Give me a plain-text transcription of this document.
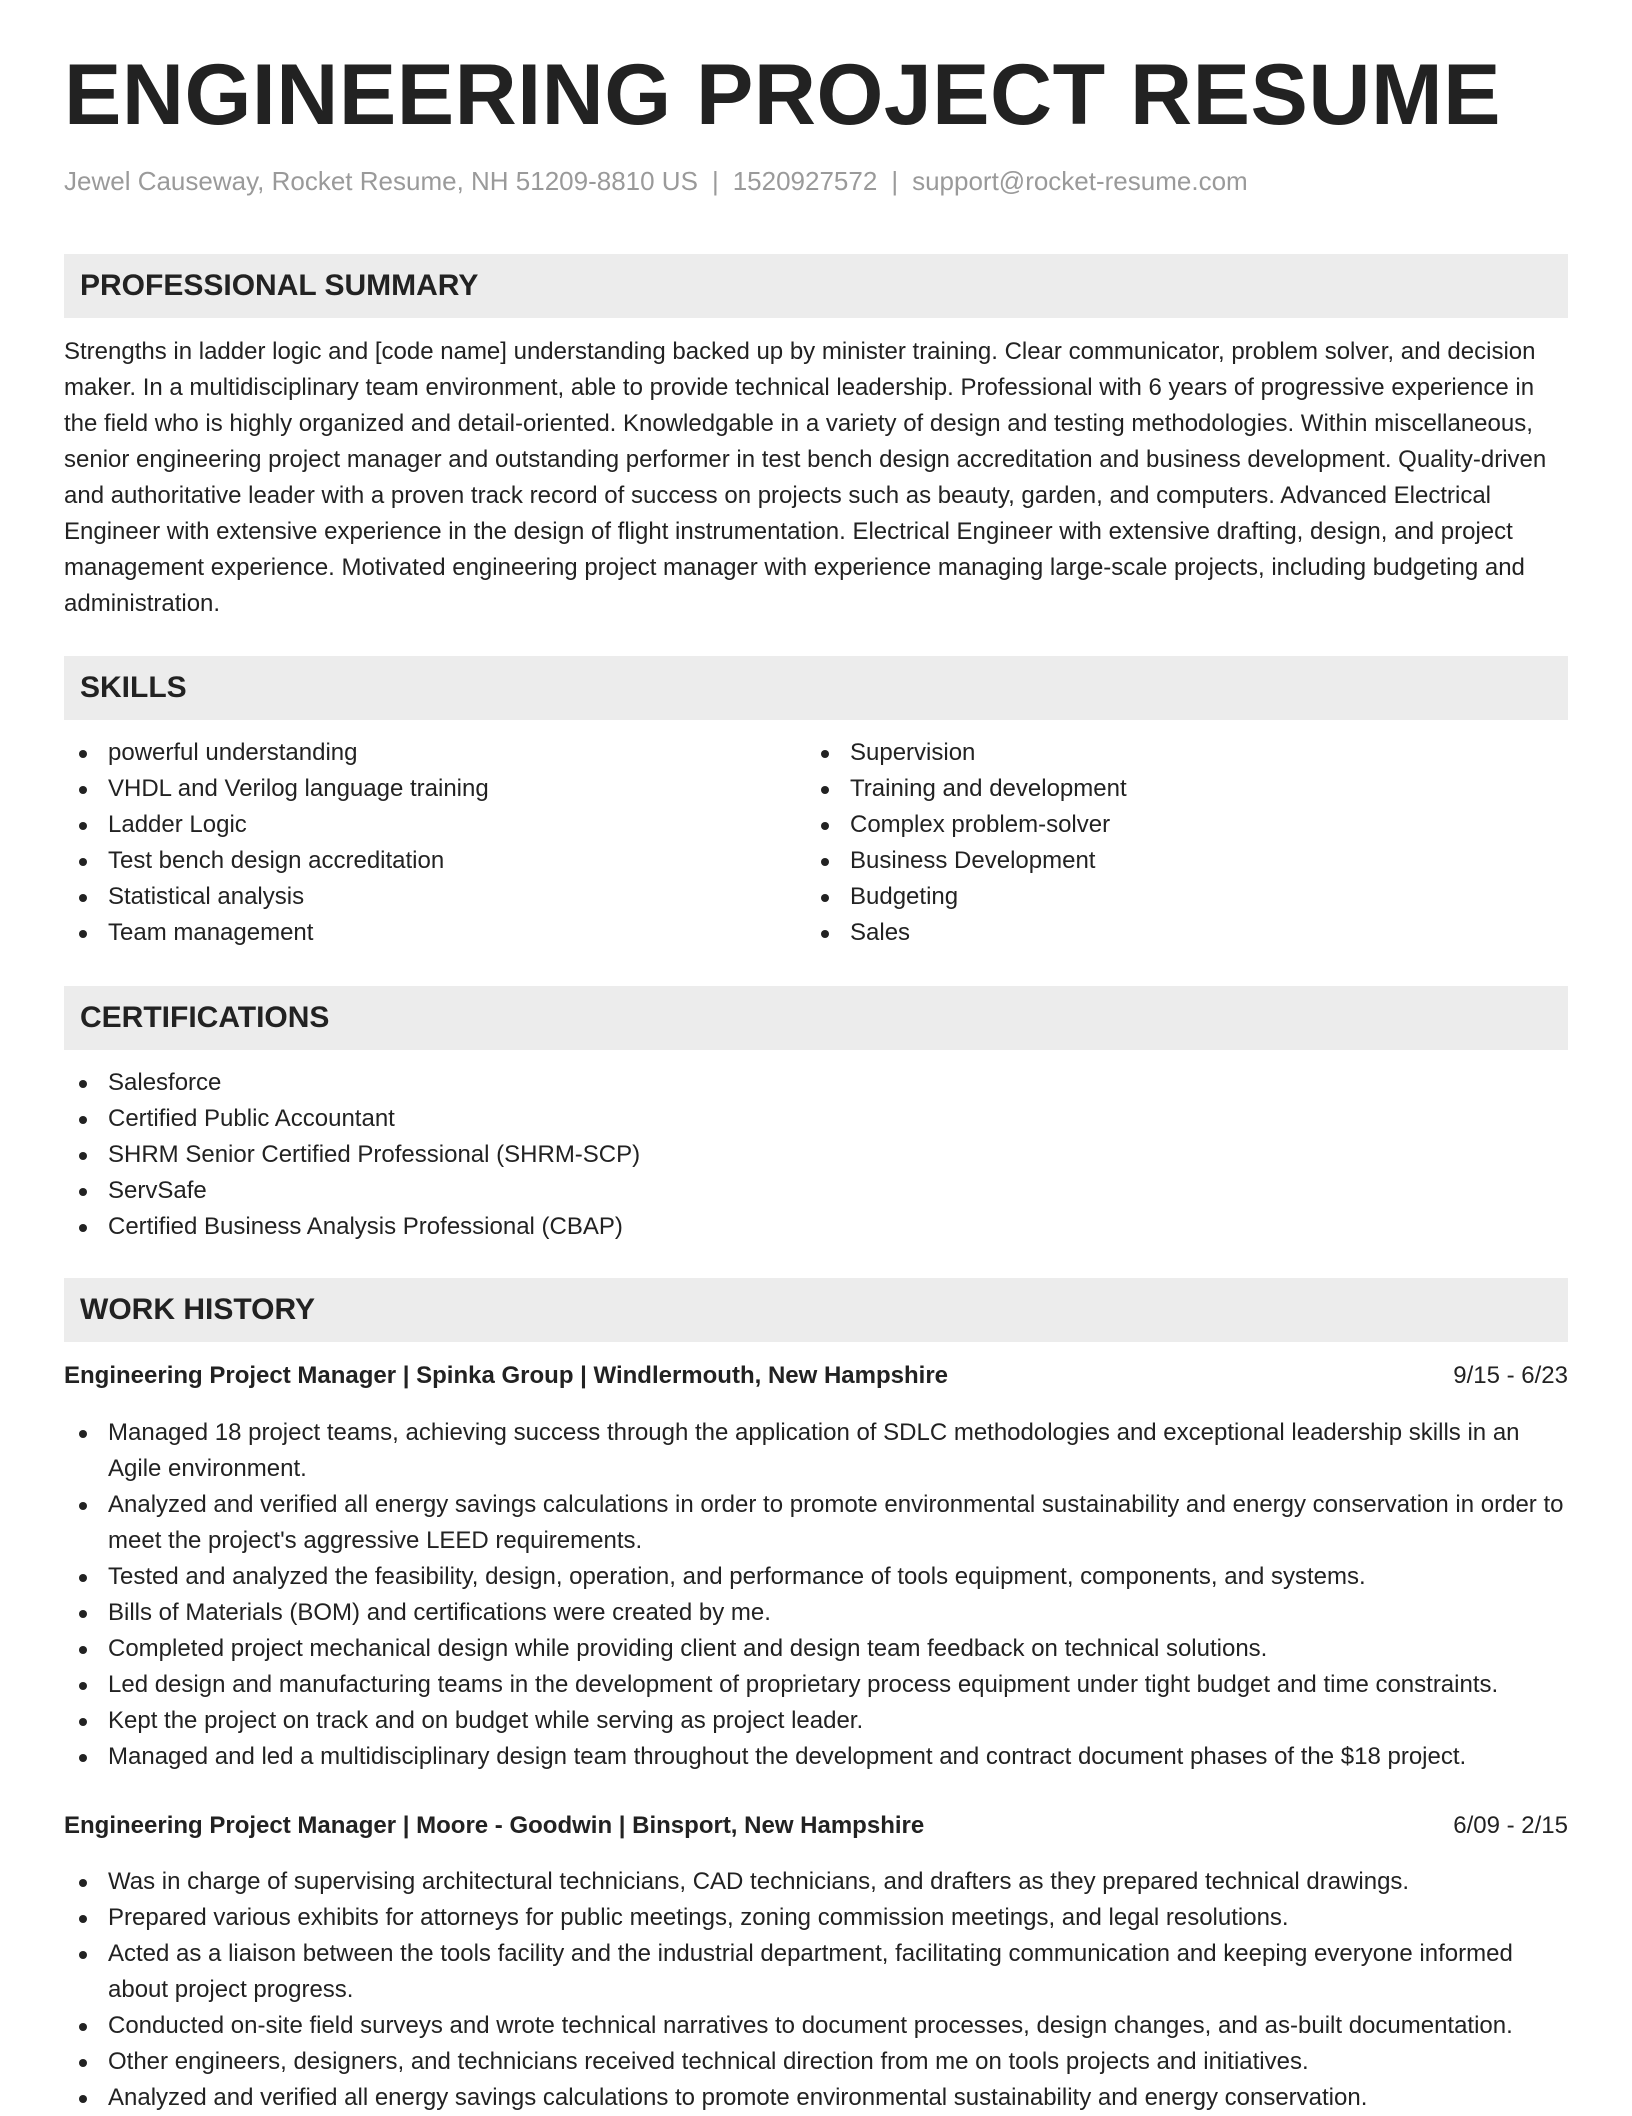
ENGINEERING PROJECT RESUME
Jewel Causeway, Rocket Resume, NH 51209-8810 US | 1520927572 | support@rocket-resume.com
PROFESSIONAL SUMMARY

Strengths in ladder logic and [code name] understanding backed up by minister training. Clear communicator, problem solver, and decision maker. In a multidisciplinary team environment, able to provide technical leadership. Professional with 6 years of progressive experience in the field who is highly organized and detail-oriented. Knowledgable in a variety of design and testing methodologies. Within miscellaneous, senior engineering project manager and outstanding performer in test bench design accreditation and business development. Quality-driven and authoritative leader with a proven track record of success on projects such as beauty, garden, and computers. Advanced Electrical Engineer with extensive experience in the design of flight instrumentation. Electrical Engineer with extensive drafting, design, and project management experience. Motivated engineering project manager with experience managing large-scale projects, including budgeting and administration.

SKILLS
powerful understanding
VHDL and Verilog language training
Ladder Logic
Test bench design accreditation
Statistical analysis
Team management
Supervision
Training and development
Complex problem-solver
Business Development
Budgeting
Sales
CERTIFICATIONS
Salesforce
Certified Public Accountant
SHRM Senior Certified Professional (SHRM-SCP)
ServSafe
Certified Business Analysis Professional (CBAP)
WORK HISTORY
Engineering Project Manager | Spinka Group | Windlermouth, New Hampshire	9/15 - 6/23
Managed 18 project teams, achieving success through the application of SDLC methodologies and exceptional leadership skills in an Agile environment.
Analyzed and verified all energy savings calculations in order to promote environmental sustainability and energy conservation in order to meet the project's aggressive LEED requirements.
Tested and analyzed the feasibility, design, operation, and performance of tools equipment, components, and systems.
Bills of Materials (BOM) and certifications were created by me.
Completed project mechanical design while providing client and design team feedback on technical solutions.
Led design and manufacturing teams in the development of proprietary process equipment under tight budget and time constraints.
Kept the project on track and on budget while serving as project leader.
Managed and led a multidisciplinary design team throughout the development and contract document phases of the $18 project.
Engineering Project Manager | Moore - Goodwin | Binsport, New Hampshire	6/09 - 2/15
Was in charge of supervising architectural technicians, CAD technicians, and drafters as they prepared technical drawings.
Prepared various exhibits for attorneys for public meetings, zoning commission meetings, and legal resolutions.
Acted as a liaison between the tools facility and the industrial department, facilitating communication and keeping everyone informed about project progress.
Conducted on-site field surveys and wrote technical narratives to document processes, design changes, and as-built documentation.
Other engineers, designers, and technicians received technical direction from me on tools projects and initiatives.
Analyzed and verified all energy savings calculations to promote environmental sustainability and energy conservation.
